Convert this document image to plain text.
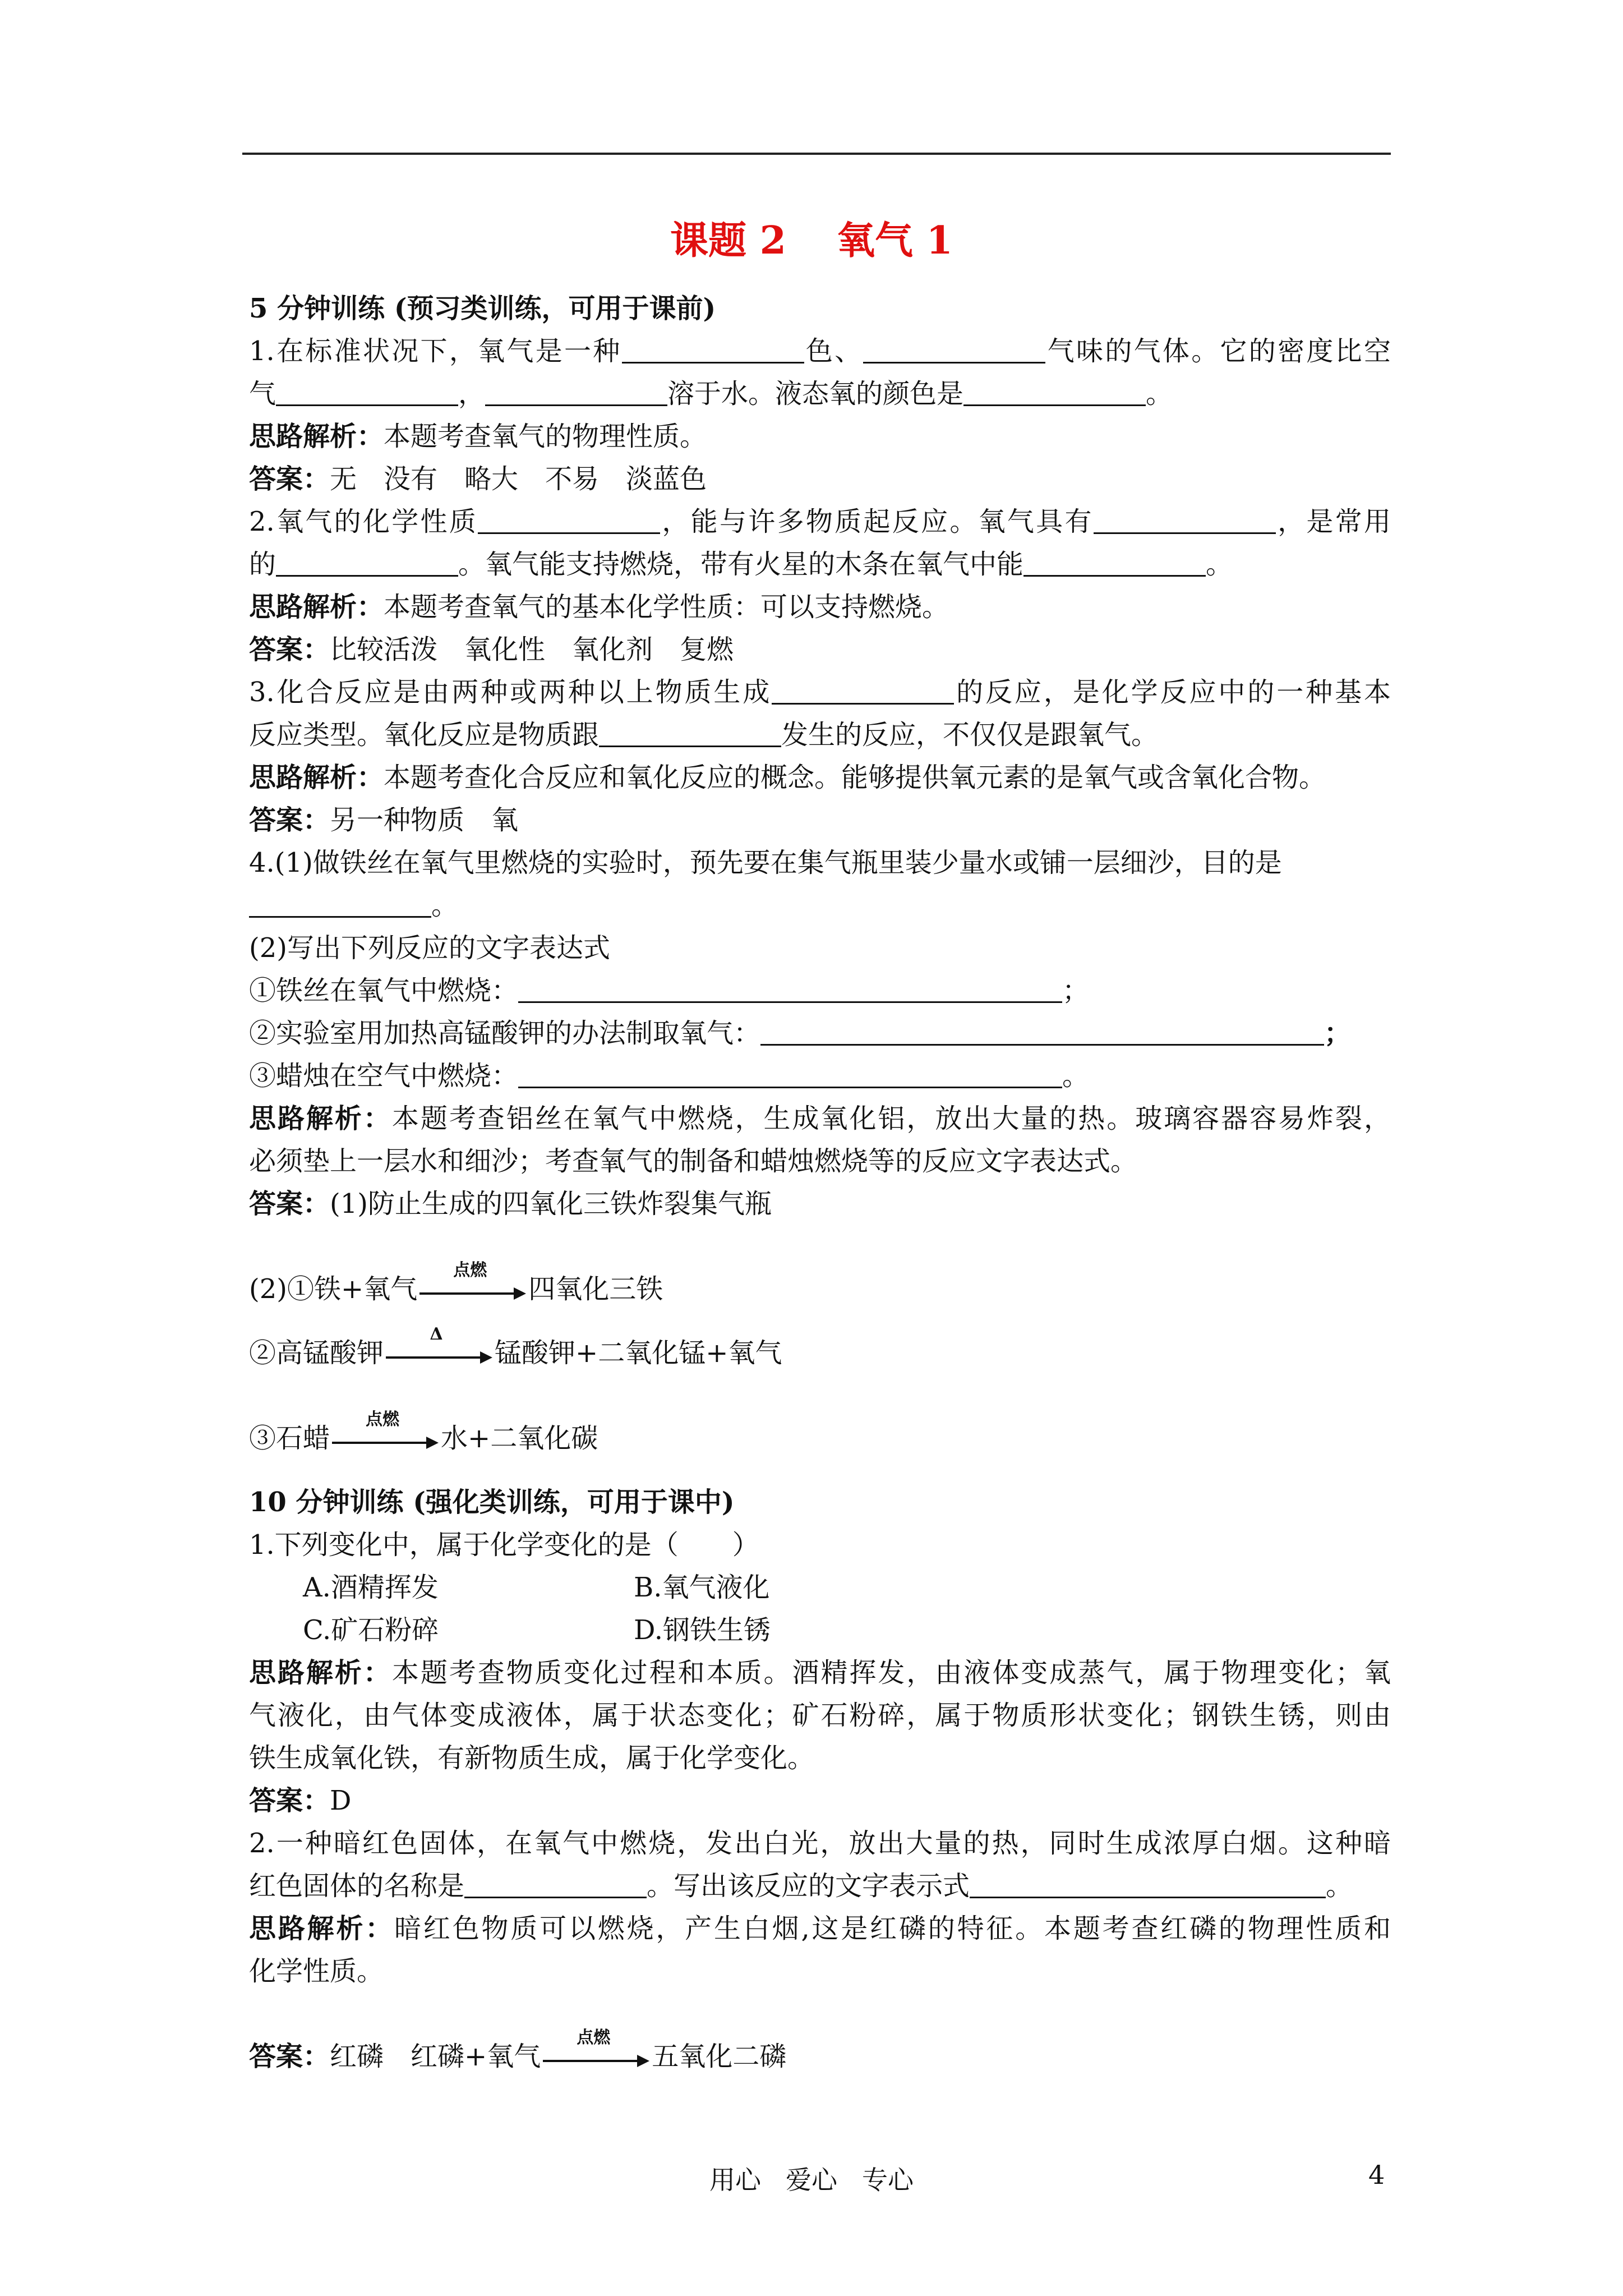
课题 2 氧气 1
5 分钟训练 (预习类训练，可用于课前)
1.在标准状况下，氧气是一种	色、	气味的气体。它的密度比空
气	，	溶于水。液态氧的颜色是	。
思路解析：本题考查氧气的物理性质。
答案：无　没有　略大　不易　淡蓝色
2.氧气的化学性质	，能与许多物质起反应。氧气具有	，是常用
的	。氧气能支持燃烧，带有火星的木条在氧气中能	。
思路解析：本题考查氧气的基本化学性质：可以支持燃烧。
答案：比较活泼　氧化性　氧化剂　复燃
3.化合反应是由两种或两种以上物质生成	的反应，是化学反应中的一种基本
反应类型。氧化反应是物质跟	发生的反应，不仅仅是跟氧气。
思路解析：本题考查化合反应和氧化反应的概念。能够提供氧元素的是氧气或含氧化合物。
答案：另一种物质　氧
4.(1)做铁丝在氧气里燃烧的实验时，预先要在集气瓶里装少量水或铺一层细沙，目的是
。
(2)写出下列反应的文字表达式
①铁丝在氧气中燃烧：	；
②实验室用加热高锰酸钾的办法制取氧气：	；
③蜡烛在空气中燃烧：	。
思路解析：本题考查铝丝在氧气中燃烧，生成氧化铝，放出大量的热。玻璃容器容易炸裂，
必须垫上一层水和细沙；考查氧气的制备和蜡烛燃烧等的反应文字表达式。
答案：(1)防止生成的四氧化三铁炸裂集气瓶
(2)①铁+氧气
点燃
四氧化三铁
②高锰酸钾
Δ
锰酸钾+二氧化锰+氧气
③石蜡
点燃
水+二氧化碳
10 分钟训练 (强化类训练，可用于课中)
1.下列变化中，属于化学变化的是（　　）
A.酒精挥发	B.氧气液化
C.矿石粉碎	D.钢铁生锈
思路解析：本题考查物质变化过程和本质。酒精挥发，由液体变成蒸气，属于物理变化；氧
气液化，由气体变成液体，属于状态变化；矿石粉碎，属于物质形状变化；钢铁生锈，则由
铁生成氧化铁，有新物质生成，属于化学变化。
答案：D
2.一种暗红色固体，在氧气中燃烧，发出白光，放出大量的热，同时生成浓厚白烟。这种暗
红色固体的名称是	。写出该反应的文字表示式	。
思路解析：暗红色物质可以燃烧，产生白烟,这是红磷的特征。本题考查红磷的物理性质和
化学性质。
答案：红磷　红磷+氧气
点燃
五氧化二磷
用心 爱心 专心	4
